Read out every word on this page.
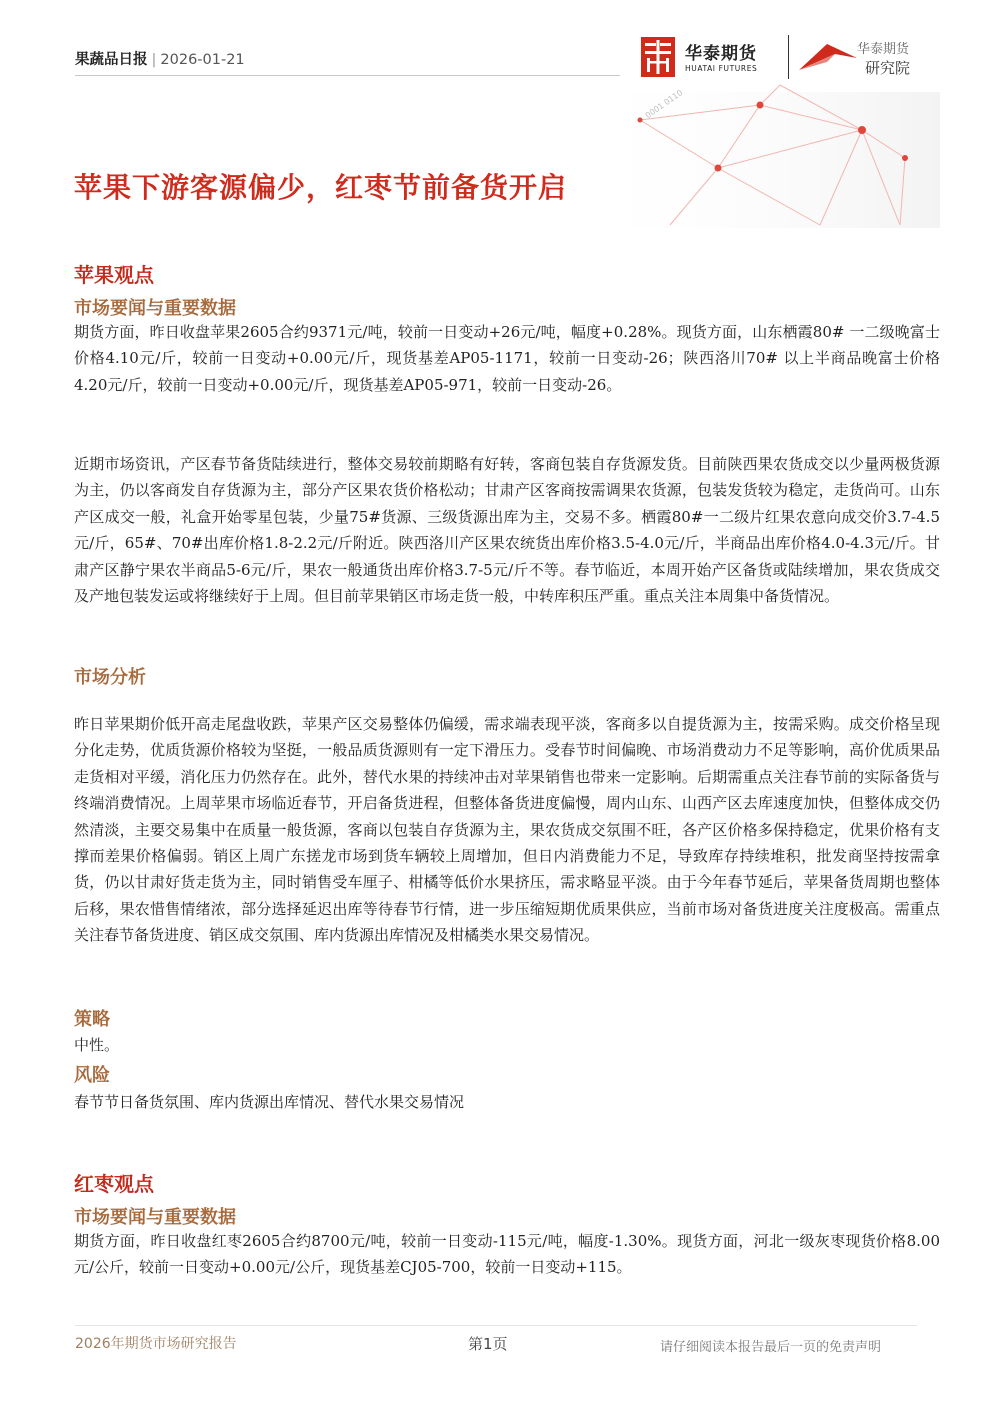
0001 0110
果蔬品日报 | 2026-01-21	华泰期货
HUATAI FUTURES
华泰期货
研究院
苹果下游客源偏少，红枣节前备货开启
苹果观点
市场要闻与重要数据

期货方面，昨日收盘苹果2605合约9371元/吨，较前一日变动+26元/吨，幅度+0.28%。现货方面，山东栖霞80# 一二级晚富士价格4.10元/斤，较前一日变动+0.00元/斤，现货基差AP05-1171，较前一日变动-26；陕西洛川70# 以上半商品晚富士价格4.20元/斤，较前一日变动+0.00元/斤，现货基差AP05-971，较前一日变动-26。

近期市场资讯，产区春节备货陆续进行，整体交易较前期略有好转，客商包装自存货源发货。目前陕西果农货成交以少量两极货源为主，仍以客商发自存货源为主，部分产区果农货价格松动；甘肃产区客商按需调果农货源，包装发货较为稳定，走货尚可。山东产区成交一般，礼盒开始零星包装，少量75#货源、三级货源出库为主，交易不多。栖霞80#一二级片红果农意向成交价3.7-4.5元/斤，65#、70#出库价格1.8-2.2元/斤附近。陕西洛川产区果农统货出库价格3.5-4.0元/斤，半商品出库价格4.0-4.3元/斤。甘肃产区静宁果农半商品5-6元/斤，果农一般通货出库价格3.7-5元/斤不等。春节临近，本周开始产区备货或陆续增加，果农货成交及产地包装发运或将继续好于上周。但目前苹果销区市场走货一般，中转库积压严重。重点关注本周集中备货情况。

市场分析

昨日苹果期价低开高走尾盘收跌，苹果产区交易整体仍偏缓，需求端表现平淡，客商多以自提货源为主，按需采购。成交价格呈现分化走势，优质货源价格较为坚挺，一般品质货源则有一定下滑压力。受春节时间偏晚、市场消费动力不足等影响，高价优质果品走货相对平缓，消化压力仍然存在。此外，替代水果的持续冲击对苹果销售也带来一定影响。后期需重点关注春节前的实际备货与终端消费情况。上周苹果市场临近春节，开启备货进程，但整体备货进度偏慢，周内山东、山西产区去库速度加快，但整体成交仍然清淡，主要交易集中在质量一般货源，客商以包装自存货源为主，果农货成交氛围不旺，各产区价格多保持稳定，优果价格有支撑而差果价格偏弱。销区上周广东搓龙市场到货车辆较上周增加，但日内消费能力不足，导致库存持续堆积，批发商坚持按需拿货，仍以甘肃好货走货为主，同时销售受车厘子、柑橘等低价水果挤压，需求略显平淡。由于今年春节延后，苹果备货周期也整体后移，果农惜售情绪浓，部分选择延迟出库等待春节行情，进一步压缩短期优质果供应，当前市场对备货进度关注度极高。需重点关注春节备货进度、销区成交氛围、库内货源出库情况及柑橘类水果交易情况。

策略
中性。
风险
春节节日备货氛围、库内货源出库情况、替代水果交易情况
红枣观点
市场要闻与重要数据

期货方面，昨日收盘红枣2605合约8700元/吨，较前一日变动-115元/吨，幅度-1.30%。现货方面，河北一级灰枣现货价格8.00元/公斤，较前一日变动+0.00元/公斤，现货基差CJ05-700，较前一日变动+115。

2026年期货市场研究报告	第1页	请仔细阅读本报告最后一页的免责声明
